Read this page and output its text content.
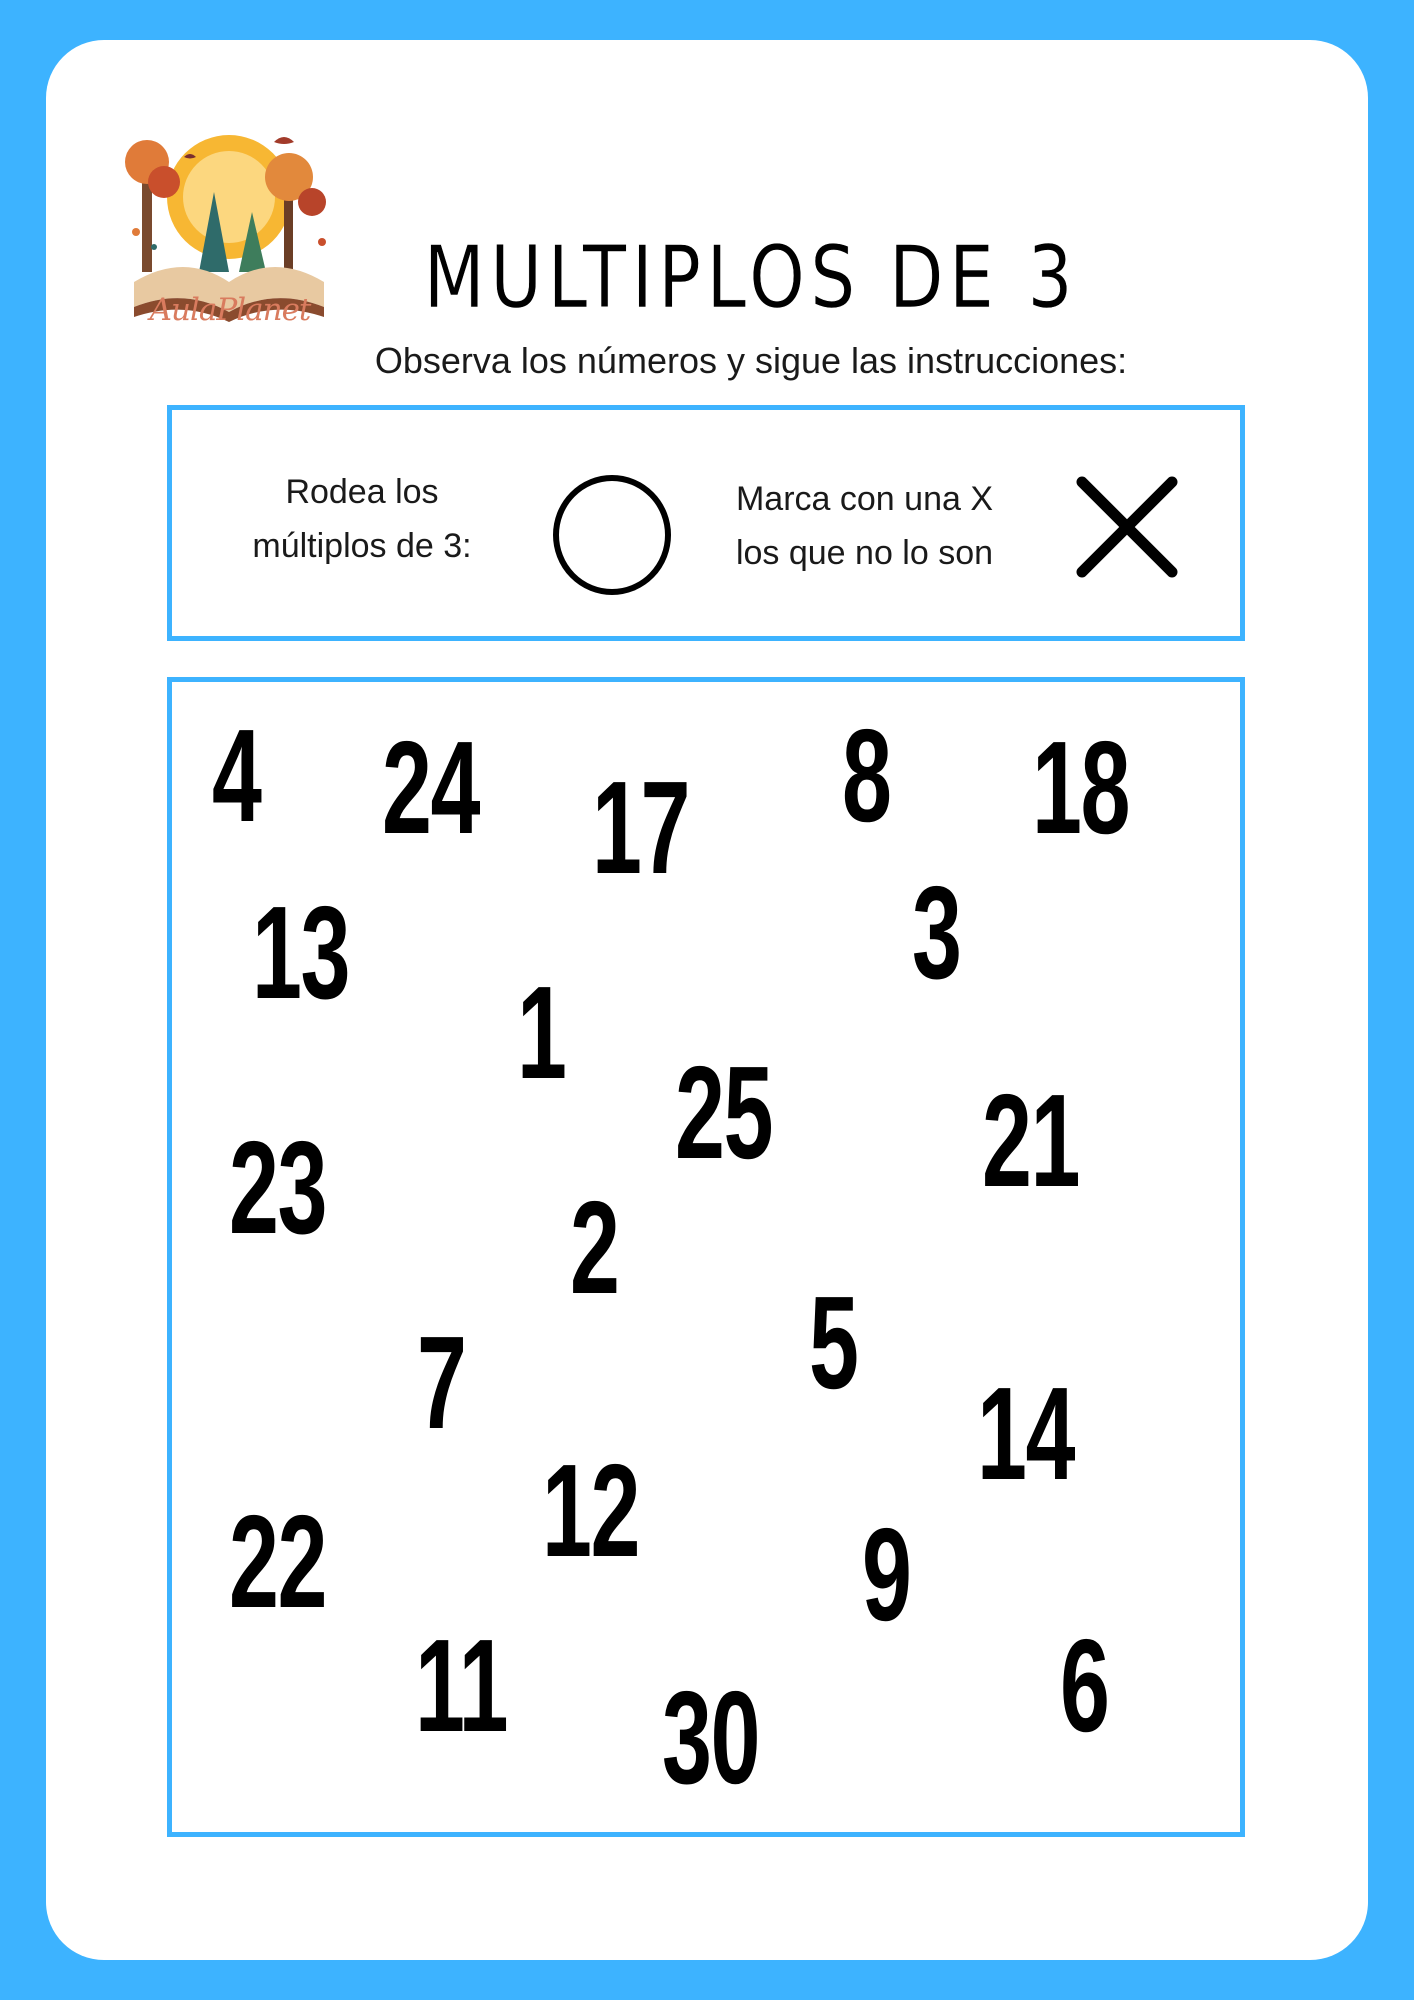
AulaPlanet MULTIPLOS DE 3
Observa los números y sigue las instrucciones:
Rodea los
múltiplos de 3:
Marca con una X
los que no lo son
4 24 17 8 18
13	3
1
25 21
23 2
5
7	14
12
22	9
11	6
30
